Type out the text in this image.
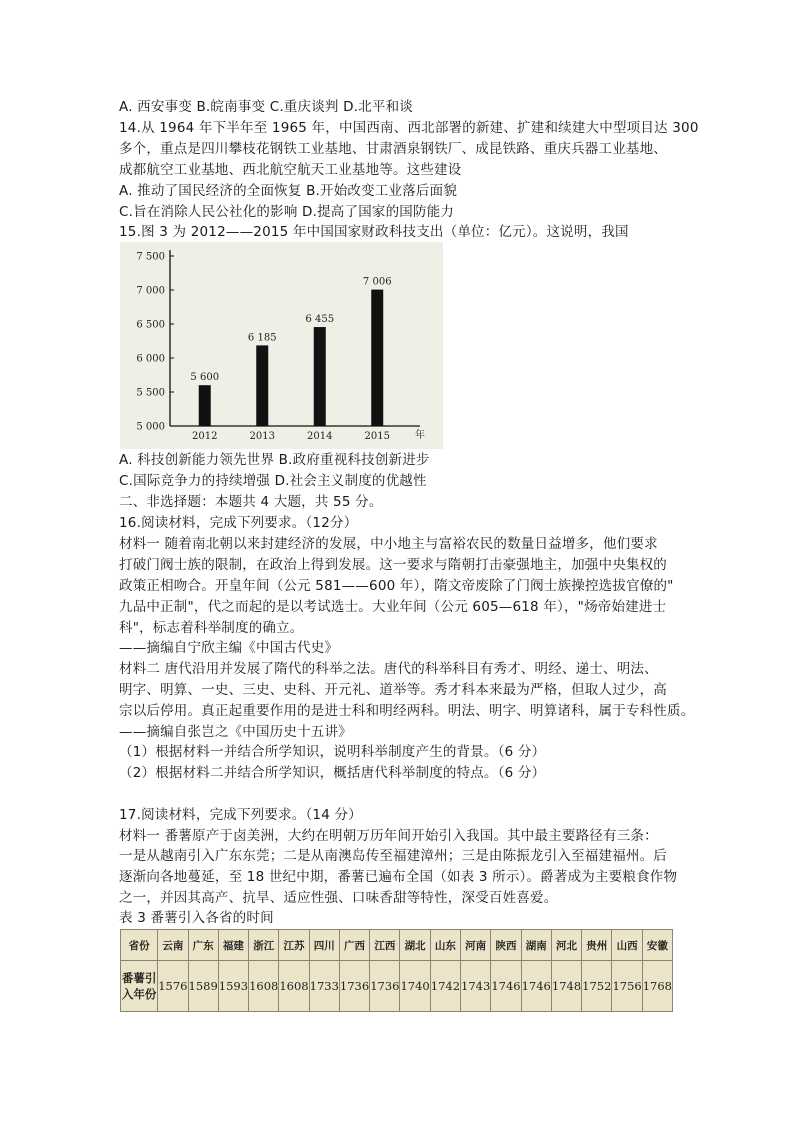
A. 西安事变 B.皖南事变 C.重庆谈判 D.北平和谈
14.从 1964 年下半年至 1965 年，中国西南、西北部署的新建、扩建和续建大中型项目达 300
多个，重点是四川攀枝花钢铁工业基地、甘肃酒泉钢铁厂、成昆铁路、重庆兵器工业基地、
成都航空工业基地、西北航空航天工业基地等。这些建设
A. 推动了国民经济的全面恢复 B.开始改变工业落后面貌
C.旨在消除人民公社化的影响 D.提高了国家的国防能力
15.图 3 为 2012——2015 年中国国家财政科技支出（单位：亿元）。这说明，我国
5 000
5 500
6 000
6 500
7 000
7 500
5 600
2012
6 185
2013
6 455
2014
7 006
2015	年
A. 科技创新能力领先世界 B.政府重视科技创新进步
C.国际竞争力的持续增强 D.社会主义制度的优越性
二、非选择题：本题共 4 大题，共 55 分。
16.阅读材料，完成下列要求。（12分）
材料一 随着南北朝以来封建经济的发展，中小地主与富裕农民的数量日益增多，他们要求
打破门阀士族的限制，在政治上得到发展。这一要求与隋朝打击豪强地主，加强中央集权的
政策正相吻合。开皇年间（公元 581——600 年），隋文帝废除了门阀士族操控选拔官僚的"
九品中正制"，代之而起的是以考试选士。大业年间（公元 605—618 年），"炀帝始建进士
科"，标志着科举制度的确立。
——摘编自宁欣主编《中国古代史》
材料二 唐代沿用并发展了隋代的科举之法。唐代的科举科目有秀才、明经、递士、明法、
明字、明算、一史、三史、史科、开元礼、道举等。秀才科本来最为严格，但取人过少，高
宗以后停用。真正起重要作用的是进士科和明经两科。明法、明字、明算诸科，属于专科性质。
——摘编自张岂之《中国历史十五讲》
（1）根据材料一并结合所学知识，说明科举制度产生的背景。（6 分）
（2）根据材料二并结合所学知识，概括唐代科举制度的特点。（6 分）
17.阅读材料，完成下列要求。（14 分）
材料一 番薯原产于卤美洲，大约在明朝万历年间开始引入我国。其中最主要路径有三条：
一是从越南引入广东东莞；二是从南澳岛传至福建漳州；三是由陈振龙引入至福建福州。后
逐渐向各地蔓延，至 18 世纪中期，番薯已遍布全国（如表 3 所示）。爵著成为主要粮食作物
之一，并因其高产、抗旱、适应性强、口味香甜等特性，深受百姓喜爱。
表 3 番薯引入各省的时间
省份	云南	广东	福建	浙江	江苏	四川	广西	江西	湖北	山东	河南	陕西	湖南	河北	贵州	山西	安徽
番薯引入年份	1576	1589	1593	1608	1608	1733	1736	1736	1740	1742	1743	1746	1746	1748	1752	1756	1768
